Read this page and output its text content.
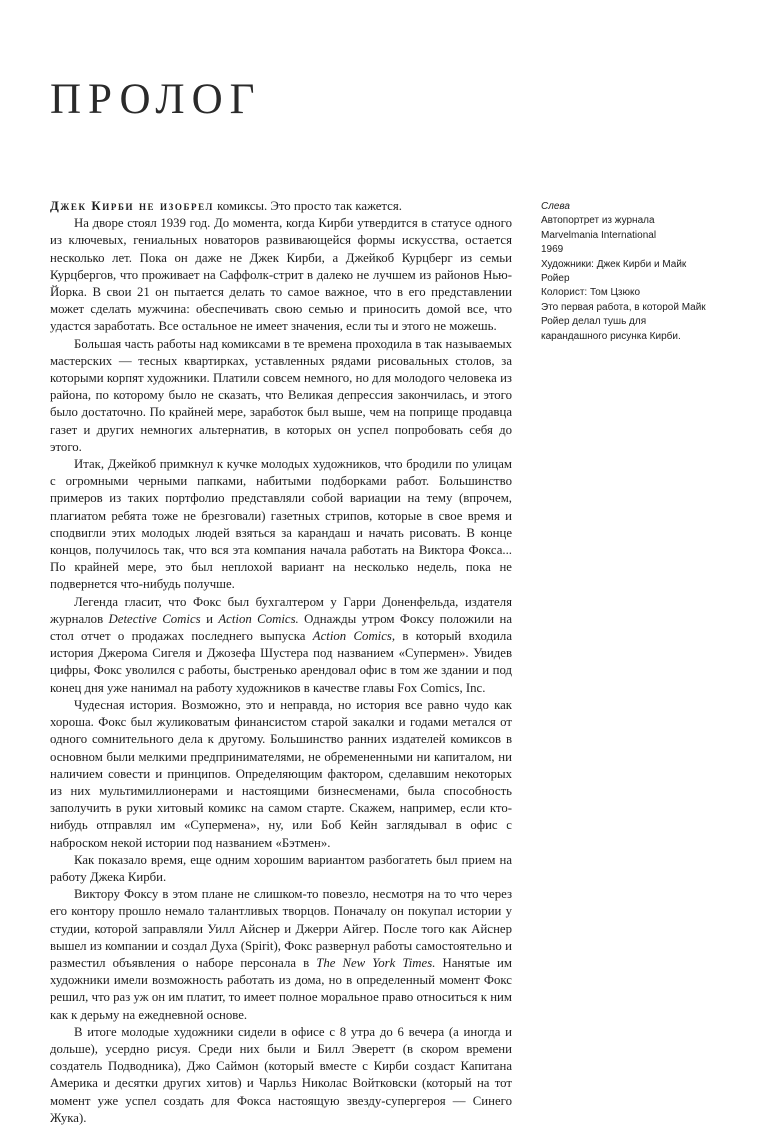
ПРОЛОГ

Джек Кирби не изобрел комиксы. Это просто так кажется.

На дворе стоял 1939 год. До момента, когда Кирби утвердится в статусе одного из ключевых, гениальных новаторов развивающейся формы искусства, остается несколько лет. Пока он даже не Джек Кирби, а Джейкоб Курцберг из семьи Курцбергов, что проживает на Саффолк-стрит в далеко не лучшем из районов Нью-Йорка. В свои 21 он пытается делать то самое важное, что в его представлении может сделать мужчина: обеспечивать свою семью и приносить домой все, что удастся заработать. Все остальное не имеет значения, если ты и этого не можешь.

Большая часть работы над комиксами в те времена проходила в так называемых мастерских — тесных квартирках, уставленных рядами рисовальных столов, за которыми корпят художники. Платили совсем немного, но для молодого человека из района, по которому было не сказать, что Великая депрессия закончилась, и этого было достаточно. По крайней мере, заработок был выше, чем на поприще продавца газет и других немногих альтернатив, в которых он успел попробовать себя до этого.

Итак, Джейкоб примкнул к кучке молодых художников, что бродили по улицам с огромными черными папками, набитыми подборками работ. Большинство примеров из таких портфолио представляли собой вариации на тему (впрочем, плагиатом ребята тоже не брезговали) газетных стрипов, которые в свое время и сподвигли этих молодых людей взяться за карандаш и начать рисовать. В конце концов, получилось так, что вся эта компания начала работать на Виктора Фокса... По крайней мере, это был неплохой вариант на несколько недель, пока не подвернется что-нибудь получше.

Легенда гласит, что Фокс был бухгалтером у Гарри Доненфельда, издателя журналов Detective Comics и Action Comics. Однажды утром Фоксу положили на стол отчет о продажах последнего выпуска Action Comics, в который входила история Джерома Сигеля и Джозефа Шустера под названием «Супермен». Увидев цифры, Фокс уволился с работы, быстренько арендовал офис в том же здании и под конец дня уже нанимал на работу художников в качестве главы Fox Comics, Inc.

Чудесная история. Возможно, это и неправда, но история все равно чудо как хороша. Фокс был жуликоватым финансистом старой закалки и годами метался от одного сомнительного дела к другому. Большинство ранних издателей комиксов в основном были мелкими предпринимателями, не обремененными ни капиталом, ни наличием совести и принципов. Определяющим фактором, сделавшим некоторых из них мультимиллионерами и настоящими бизнесменами, была способность заполучить в руки хитовый комикс на самом старте. Скажем, например, если кто-нибудь отправлял им «Супермена», ну, или Боб Кейн заглядывал в офис с наброском некой истории под названием «Бэтмен».

Как показало время, еще одним хорошим вариантом разбогатеть был прием на работу Джека Кирби.

Виктору Фоксу в этом плане не слишком-то повезло, несмотря на то что через его контору прошло немало талантливых творцов. Поначалу он покупал истории у студии, которой заправляли Уилл Айснер и Джерри Айгер. После того как Айснер вышел из компании и создал Духа (Spirit), Фокс развернул работы самостоятельно и разместил объявления о наборе персонала в The New York Times. Нанятые им художники имели возможность работать из дома, но в определенный момент Фокс решил, что раз уж он им платит, то имеет полное моральное право относиться к ним как к дерьму на ежедневной основе.

В итоге молодые художники сидели в офисе с 8 утра до 6 вечера (а иногда и дольше), усердно рисуя. Среди них были и Билл Эверетт (в скором времени создатель Подводника), Джо Саймон (который вместе с Кирби создаст Капитана Америка и десятки других хитов) и Чарльз Николас Войтковски (который на тот момент уже успел создать для Фокса настоящую звезду-супергероя — Синего Жука).

Слева
Автопортрет из журнала Marvelmania International
1969
Художники: Джек Кирби и Майк Ройер
Колорист: Том Цзюко
Это первая работа, в которой Майк Ройер делал тушь для карандашного рисунка Кирби.
